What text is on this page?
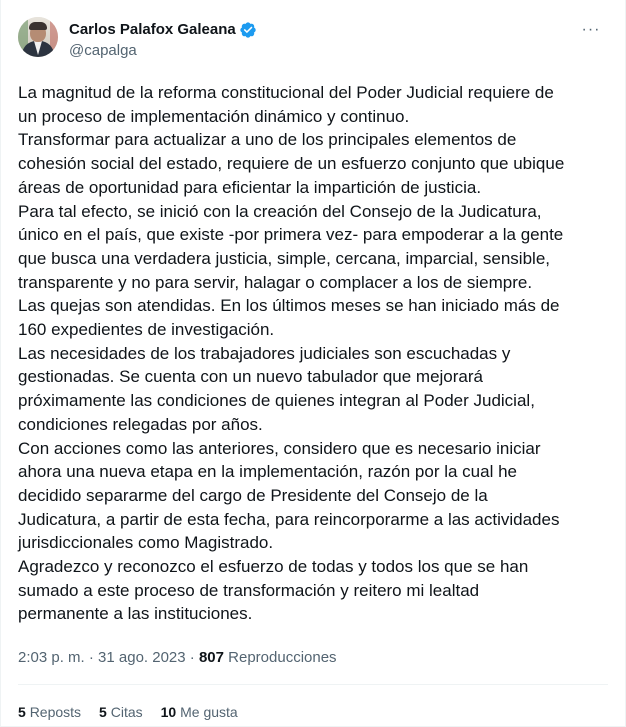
Carlos Palafox Galeana
@capalga
···

La magnitud de la reforma constitucional del Poder Judicial requiere de

un proceso de implementación dinámico y continuo.

Transformar para actualizar a uno de los principales elementos de

cohesión social del estado, requiere de un esfuerzo conjunto que ubique

áreas de oportunidad para eficientar la impartición de justicia.

Para tal efecto, se inició con la creación del Consejo de la Judicatura,

único en el país, que existe -por primera vez- para empoderar a la gente

que busca una verdadera justicia, simple, cercana, imparcial, sensible,

transparente y no para servir, halagar o complacer a los de siempre.

Las quejas son atendidas. En los últimos meses se han iniciado más de

160 expedientes de investigación.

Las necesidades de los trabajadores judiciales son escuchadas y

gestionadas. Se cuenta con un nuevo tabulador que mejorará

próximamente las condiciones de quienes integran al Poder Judicial,

condiciones relegadas por años.

Con acciones como las anteriores, considero que es necesario iniciar

ahora una nueva etapa en la implementación, razón por la cual he

decidido separarme del cargo de Presidente del Consejo de la

Judicatura, a partir de esta fecha, para reincorporarme a las actividades

jurisdiccionales como Magistrado.

Agradezco y reconozco el esfuerzo de todas y todos los que se han

sumado a este proceso de transformación y reitero mi lealtad

permanente a las instituciones.

2:03 p. m. · 31 ago. 2023 · 807 Reproducciones
5 Reposts 5 Citas 10 Me gusta
